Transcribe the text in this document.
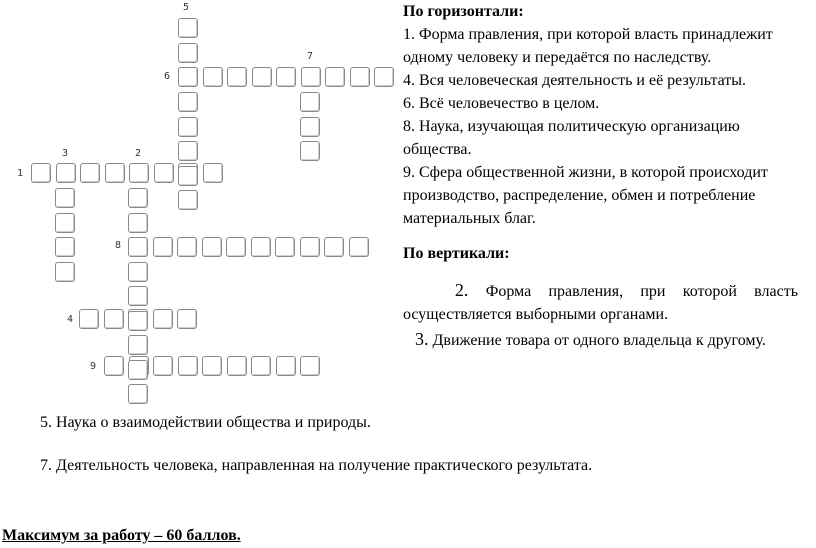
5
7
6
3	2
1
8
4
9
По горизонтали:

1. Форма правления, при которой власть принадлежит одному человеку и передаётся по наследству.

4. Вся человеческая деятельность и её результаты.

6. Всё человечество в целом.

8. Наука, изучающая политическую организацию общества.

9. Сфера общественной жизни, в которой происходит производство, распределение, обмен и потребление материальных благ.

По вертикали:

2. Форма правления, при которой власть осуществляется выборными органами.

3. Движение товара от одного владельца к другому.

5. Наука о взаимодействии общества и природы.

7. Деятельность человека, направленная на получение практического результата.

Максимум за работу – 60 баллов.
